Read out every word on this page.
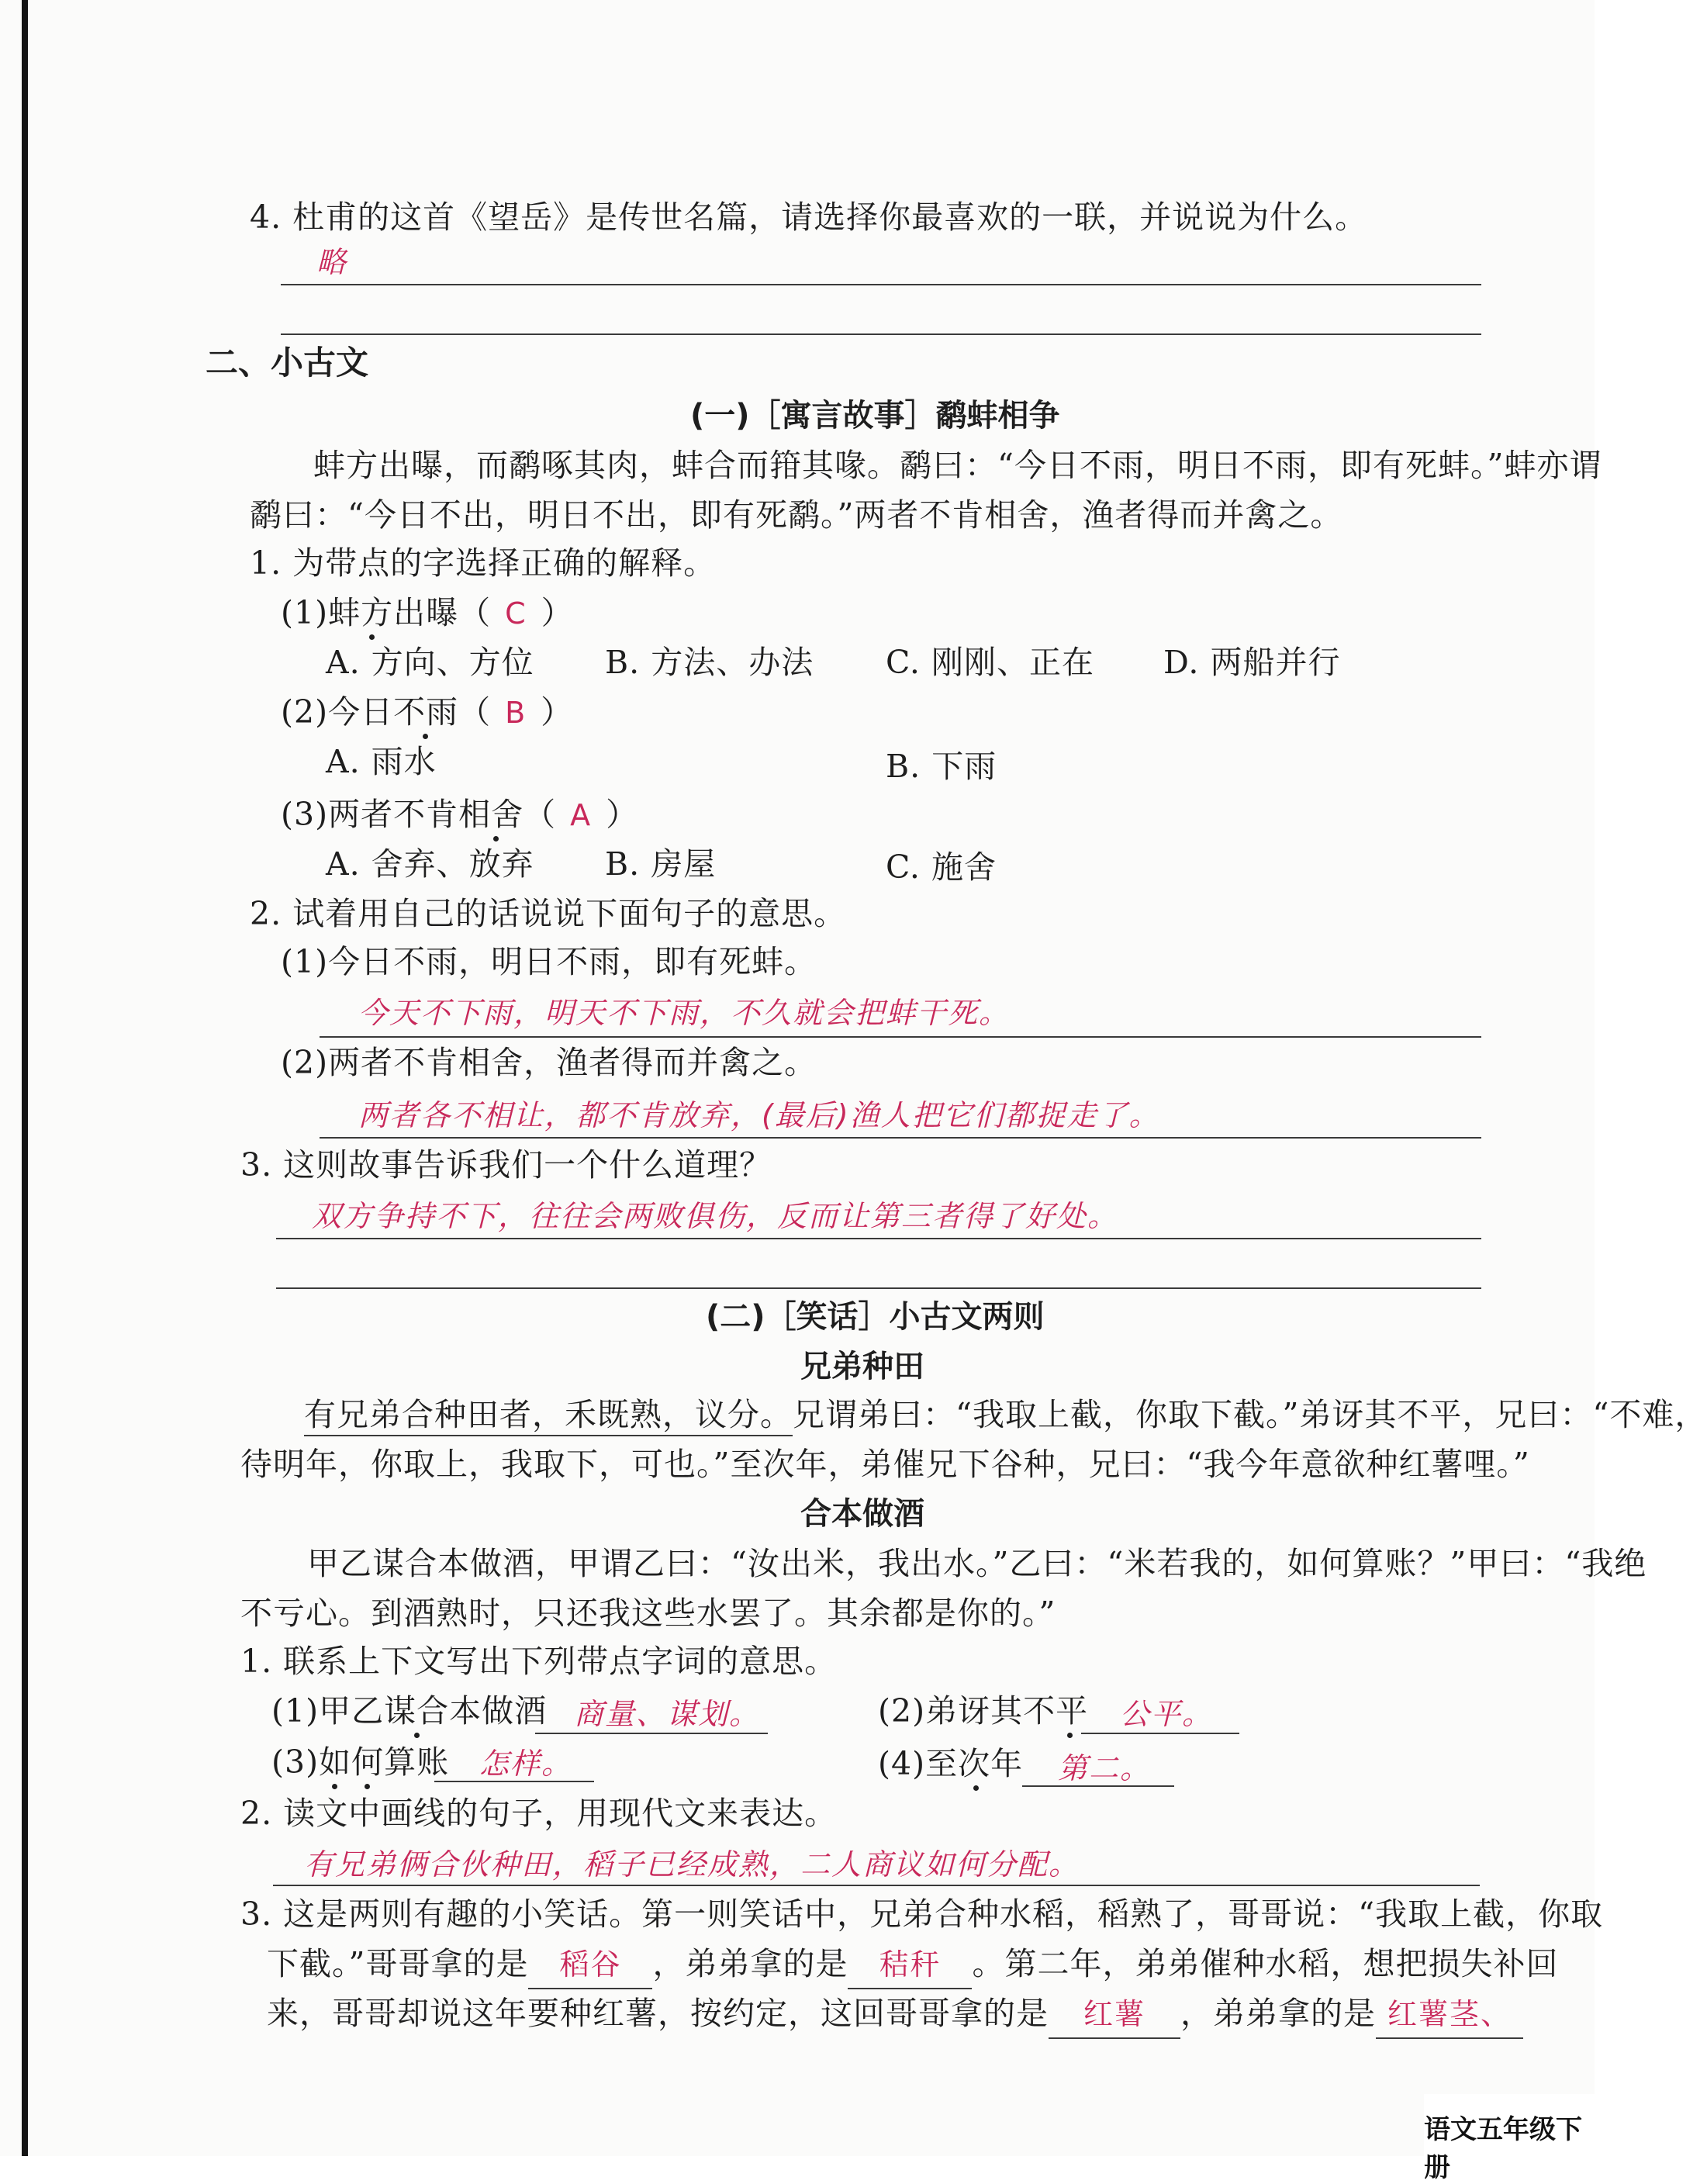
4. 杜甫的这首《望岳》是传世名篇，请选择你最喜欢的一联，并说说为什么。
略
二、小古文
(一)［寓言故事］鹬蚌相争
蚌方出曝，而鹬啄其肉，蚌合而箝其喙。鹬曰：“今日不雨，明日不雨，即有死蚌。”蚌亦谓
鹬曰：“今日不出，明日不出，即有死鹬。”两者不肯相舍，渔者得而并禽之。
1. 为带点的字选择正确的解释。
(1)蚌方出曝（ C ）
A. 方向、方位 B. 方法、办法 C. 刚刚、正在 D. 两船并行
(2)今日不雨（ B ）
A. 雨水	B. 下雨
(3)两者不肯相舍（ A ）
A. 舍弃、放弃 B. 房屋	C. 施舍
2. 试着用自己的话说说下面句子的意思。
(1)今日不雨，明日不雨，即有死蚌。
今天不下雨，明天不下雨，不久就会把蚌干死。
(2)两者不肯相舍，渔者得而并禽之。
两者各不相让，都不肯放弃，(最后)渔人把它们都捉走了。
3. 这则故事告诉我们一个什么道理？
双方争持不下，往往会两败俱伤，反而让第三者得了好处。
(二)［笑话］小古文两则
兄弟种田
有兄弟合种田者，禾既熟，议分。兄谓弟曰：“我取上截，你取下截。”弟讶其不平，兄曰：“不难，
待明年，你取上，我取下，可也。”至次年，弟催兄下谷种，兄曰：“我今年意欲种红薯哩。”
合本做酒
甲乙谋合本做酒，甲谓乙曰：“汝出米，我出水。”乙曰：“米若我的，如何算账？”甲曰：“我绝
不亏心。到酒熟时，只还我这些水罢了。其余都是你的。”
1. 联系上下文写出下列带点字词的意思。
(1)甲乙谋合本做酒 商量、谋划。	(2)弟讶其不平 公平。
(3)如何算账 怎样。	(4)至次年 第二。
2. 读文中画线的句子，用现代文来表达。
有兄弟俩合伙种田，稻子已经成熟，二人商议如何分配。
3. 这是两则有趣的小笑话。第一则笑话中，兄弟合种水稻，稻熟了，哥哥说：“我取上截，你取
下截。”哥哥拿的是 稻谷 ，弟弟拿的是 秸秆 。第二年，弟弟催种水稻，想把损失补回
来，哥哥却说这年要种红薯，按约定，这回哥哥拿的是 红薯 ，弟弟拿的是 红薯茎、
语文五年级下册
